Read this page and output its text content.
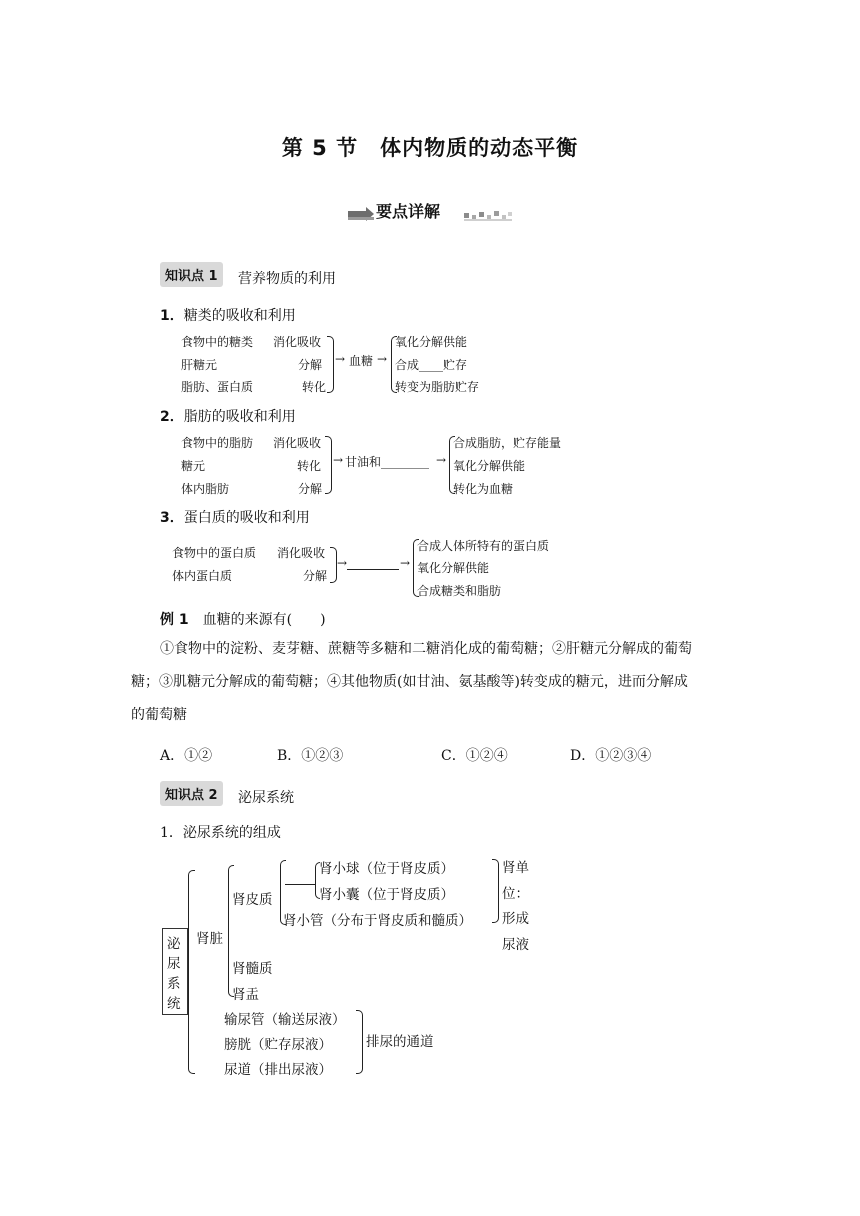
第 5 节　体内物质的动态平衡
要点详解
知识点 1	营养物质的利用
1．糖类的吸收和利用
食物中的糖类 消化吸收
肝糖元	分解
脂肪、蛋白质	转化
→ 血糖 →
氧化分解供能
合成____贮存
转变为脂肪贮存
2．脂肪的吸收和利用
食物中的脂肪 消化吸收
糖元	转化
体内脂肪	分解
→ 甘油和________ →
合成脂肪，贮存能量
氧化分解供能
转化为血糖
3．蛋白质的吸收和利用
食物中的蛋白质 消化吸收
体内蛋白质	分解
→	→
合成人体所特有的蛋白质
氧化分解供能
合成糖类和脂肪
例 1　 血糖的来源有(　　)
①食物中的淀粉、麦芽糖、蔗糖等多糖和二糖消化成的葡萄糖；②肝糖元分解成的葡萄
糖；③肌糖元分解成的葡萄糖；④其他物质(如甘油、氨基酸等)转变成的糖元，进而分解成
的葡萄糖
A．①②	B．①②③	C．①②④	D．①②③④
知识点 2	泌尿系统
1．泌尿系统的组成
泌
尿
系
统
肾脏
肾皮质
肾小球（位于肾皮质）
肾小囊（位于肾皮质）
肾小管（分布于肾皮质和髓质）
肾单
位：
形成
尿液
肾髓质
肾盂
输尿管（输送尿液）
膀胱（贮存尿液）
尿道（排出尿液）
排尿的通道
